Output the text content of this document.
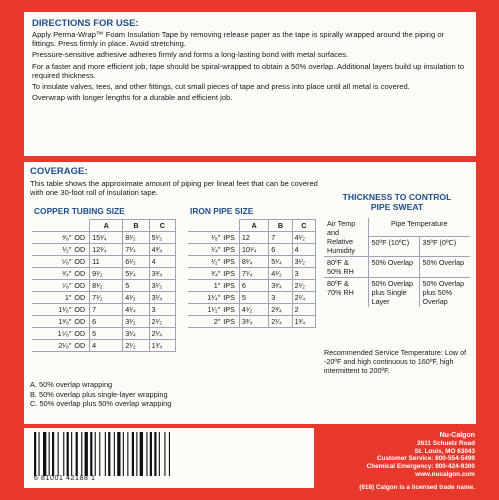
DIRECTIONS FOR USE:

Apply Perma-Wrap™ Foam Insulation Tape by removing release paper as the tape is spirally wrapped around the piping or fittings. Press firmly in place. Avoid stretching.

Pressure-sensitive adhesive adheres firmly and forms a long-lasting bond with metal surfaces.

For a faster and more efficient job, tape should be spiral-wrapped to obtain a 50% overlap. Additional layers build up insulation to required thickness.

To insulate valves, tees, and other fittings, cut small pieces of tape and press into place until all metal is covered.

Overwrap with longer lengths for a durable and efficient job.

COVERAGE:
This table shows the approximate amount of piping per lineal feet that can be covered with one 30-foot roll of insulation tape.
COPPER TUBING SIZE	IRON PIPE SIZE
	A	B	C
³⁄₈″ OD	15¹⁄₄	8¹⁄₂	5¹⁄₂
¹⁄₂″ OD	12¹⁄₄	7¹⁄₄	4³⁄₄
⁵⁄₈″ OD	11	6¹⁄₂	4
³⁄₄″ OD	9¹⁄₂	5¹⁄₄	3³⁄₄
⁷⁄₈″ OD	8¹⁄₂	5	3¹⁄₂
1″ OD	7¹⁄₂	4¹⁄₂	3¹⁄₄
1¹⁄₈″ OD	7	4¹⁄₄	3
1³⁄₈″ OD	6	3¹⁄₂	2¹⁄₂
1⁵⁄₈″ OD	5	3¹⁄₄	2¹⁄₄
2¹⁄₈″ OD	4	2¹⁄₂	1³⁄₄
	A	B	C
¹⁄₈″ IPS	12	7	4¹⁄₂
¹⁄₄″ IPS	10¹⁄₄	6	4
¹⁄₂″ IPS	8¹⁄₄	5¹⁄₄	3¹⁄₂
³⁄₄″ IPS	7¹⁄₄	4¹⁄₂	3
1″ IPS	6	3³⁄₄	2¹⁄₂
1¹⁄₄″ IPS	5	3	2¹⁄₄
1¹⁄₂″ IPS	4¹⁄₂	2³⁄₄	2
2″ IPS	3³⁄₄	2¹⁄₄	1³⁄₄
A. 50% overlap wrapping
B. 50% overlap plus single-layer wrapping
C. 50% overlap plus 50% overlap wrapping
THICKNESS TO CONTROL
PIPE SWEAT
Air Temp and Relative Humidity	Pipe Temperature	
	50ºF (10ºC)	35ºF (0ºC)
80ºF & 50% RH	50% Overlap	50% Overlap
80ºF & 70% RH	50% Overlap plus Single Layer	50% Overlap plus 50% Overlap
Recommended Service Temperature: Low of -20ºF and high continuous to 160ºF, high intermittent to 200ºF.
6 81001 42188 1
Nu-Calgon
2611 Schuetz Road
St. Louis, MO 63043
Customer Service: 800-554-5499
Chemical Emergency: 800-424-9300
www.nucalgon.com
(618) Calgon is a licensed trade name.
